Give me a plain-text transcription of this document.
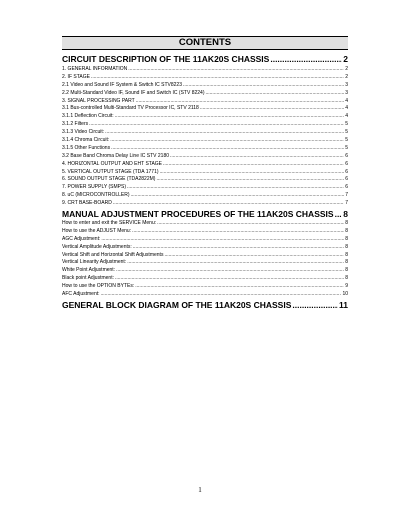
CONTENTS
CIRCUIT DESCRIPTION OF THE 11AK20S CHASSIS .....	2
1. GENERAL INFORMATION .....	2
2. IF STAGE .....	2
2.1 Video and Sound IF System & Switch IC STV8223 .....	3
2.2 Multi-Standard Video IF, Sound IF and Switch IC (STV 8224) .....	3
3. SIGNAL PROCESSING PART .....	4
3.1 Bus-controlled Multi-Standard TV Processor IC, STV 2118 .....	4
3.1.1 Deflection Circuit: .....	4
3.1.2 Filters .....	5
3.1.3 Video Circuit: .....	5
3.1.4 Chroma Circuit: .....	5
3.1.5 Other Functions .....	5
3.2 Base Band Chroma Delay Line IC STV 2180 .....	6
4. HORIZONTAL OUTPUT AND EHT STAGE .....	6
5. VERTICAL OUTPUT STAGE (TDA 1771) .....	6
6. SOUND OUTPUT STAGE (TDA2822M) .....	6
7. POWER SUPPLY (SMPS) .....	6
8. uC (MICROCONTROLLER) .....	7
9. CRT BASE-BOARD .....	7
MANUAL ADJUSTMENT PROCEDURES OF THE 11AK20S CHASSIS ..... 8
How to enter and exit the SERVICE Menu: .....	8
How to use the ADJUST Menu: .....	8
AGC Adjustment: .....	8
Vertical Amplitude Adjustments: .....	8
Vertical Shift and Horizontal Shift Adjustments .....	8
Vertical Linearity Adjustment: .....	8
White Point Adjustment: .....	8
Black point Adjustment: .....	8
How to use the OPTION BYTEs: .....	9
AFC Adjustment: .....	10
GENERAL BLOCK DIAGRAM OF THE 11AK20S CHASSIS .....	11
1
